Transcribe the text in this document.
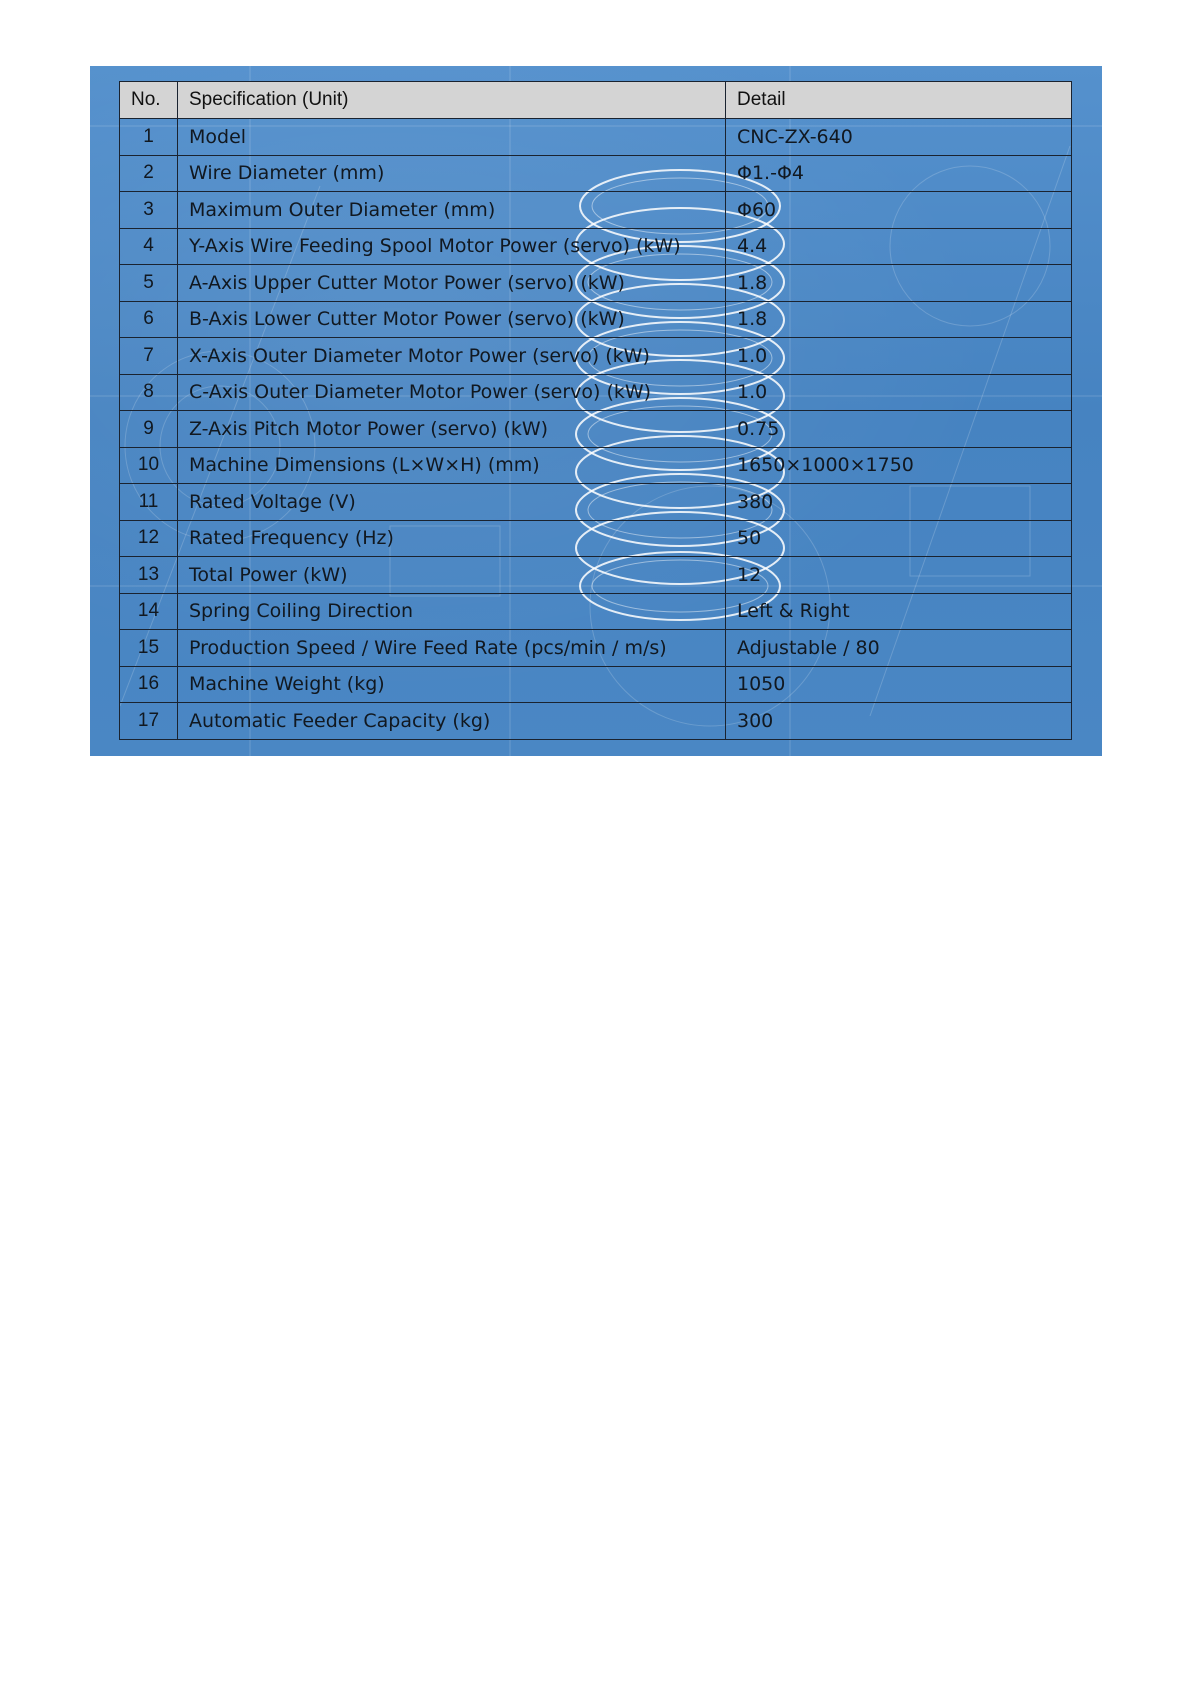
No.	Specification (Unit)	Detail
1	Model	CNC-ZX-640
2	Wire Diameter (mm)	Φ1.-Φ4
3	Maximum Outer Diameter (mm)	Φ60
4	Y-Axis Wire Feeding Spool Motor Power (servo) (kW)	4.4
5	A-Axis Upper Cutter Motor Power (servo) (kW)	1.8
6	B-Axis Lower Cutter Motor Power (servo) (kW)	1.8
7	X-Axis Outer Diameter Motor Power (servo) (kW)	1.0
8	C-Axis Outer Diameter Motor Power (servo) (kW)	1.0
9	Z-Axis Pitch Motor Power (servo) (kW)	0.75
10	Machine Dimensions (L×W×H) (mm)	1650×1000×1750
11	Rated Voltage (V)	380
12	Rated Frequency (Hz)	50
13	Total Power (kW)	12
14	Spring Coiling Direction	Left & Right
15	Production Speed / Wire Feed Rate (pcs/min / m/s)	Adjustable / 80
16	Machine Weight (kg)	1050
17	Automatic Feeder Capacity (kg)	300
